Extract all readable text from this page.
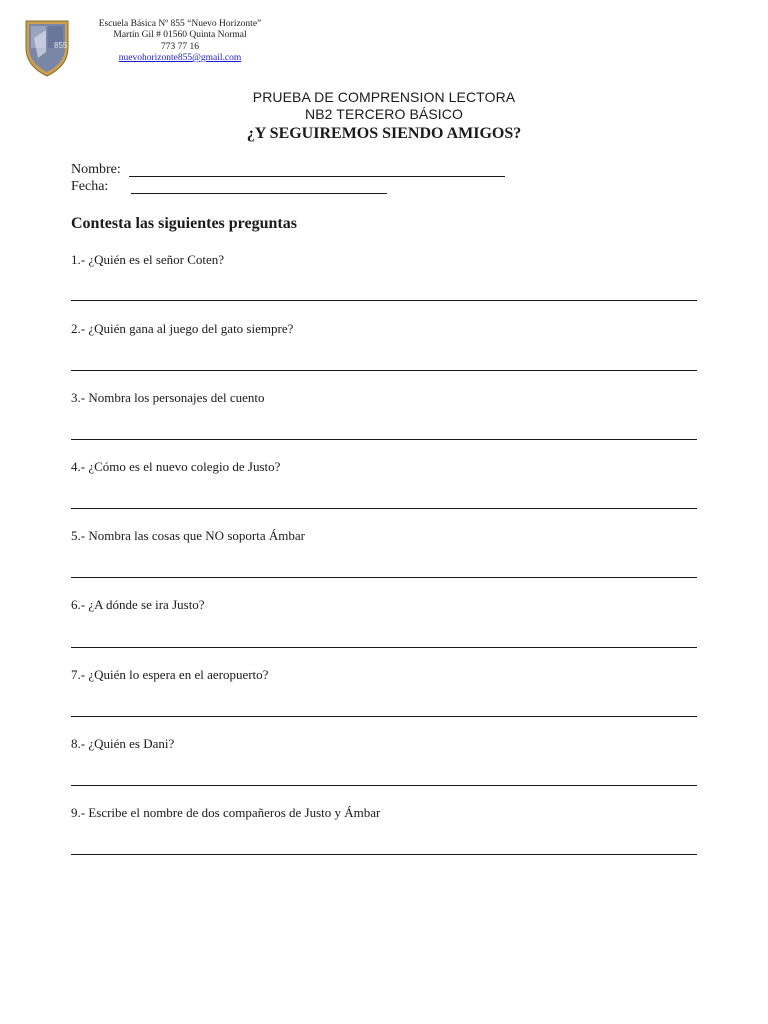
855
Escuela Básica Nº 855 “Nuevo Horizonte”
Martín Gil # 01560 Quinta Normal
773 77 16
nuevohorizonte855@gmail.com
PRUEBA DE COMPRENSION LECTORA
NB2 TERCERO BÁSICO
¿Y SEGUIREMOS SIENDO AMIGOS?
Nombre:
Fecha:
Contesta las siguientes preguntas
1.- ¿Quién es el señor Coten?
2.- ¿Quién gana al juego del gato siempre?
3.- Nombra los personajes del cuento
4.- ¿Cómo es el nuevo colegio de Justo?
5.- Nombra las cosas que NO soporta Ámbar
6.- ¿A dónde se ira Justo?
7.- ¿Quién lo espera en el aeropuerto?
8.- ¿Quién es Dani?
9.- Escribe el nombre de dos compañeros de Justo y Ámbar
